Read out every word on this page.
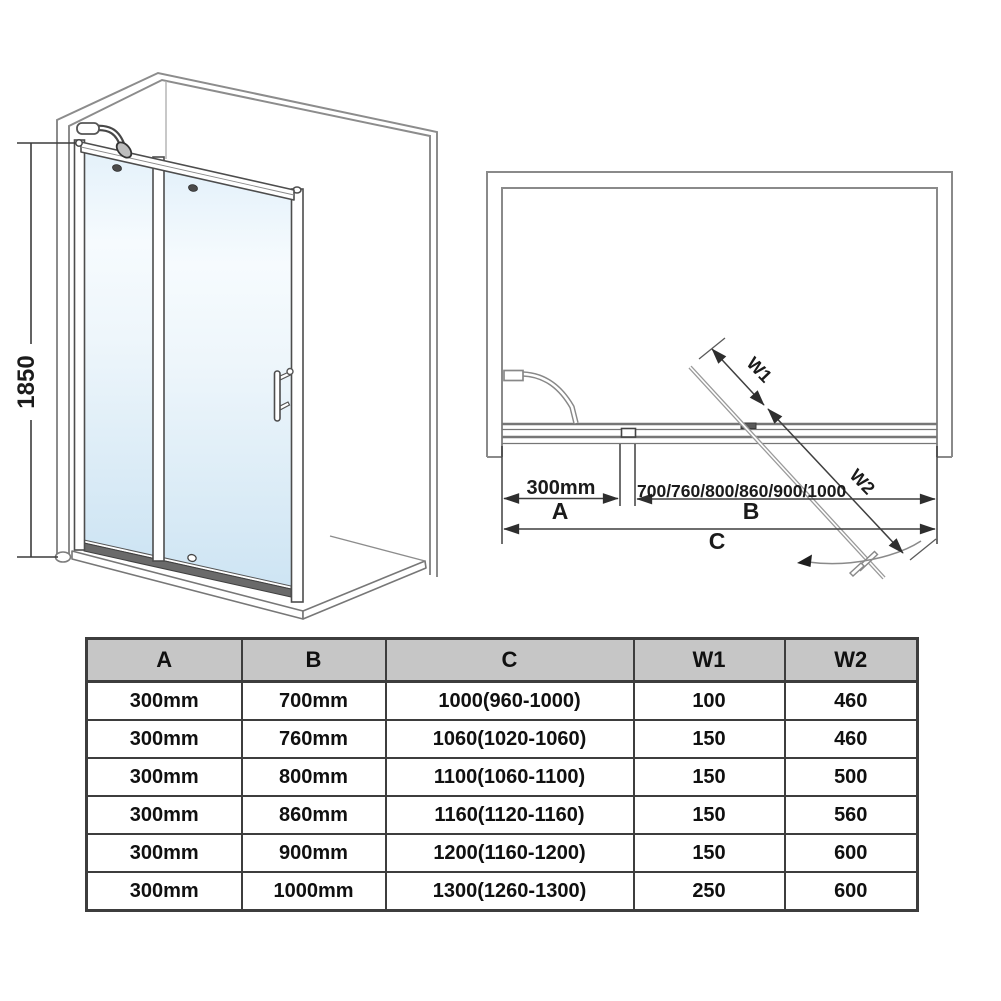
1850
300mm
A
700/760/800/860/900/1000
B
C
W1
W2
A	B	C	W1	W2
300mm	700mm	1000(960-1000)	100	460
300mm	760mm	1060(1020-1060)	150	460
300mm	800mm	1100(1060-1100)	150	500
300mm	860mm	1160(1120-1160)	150	560
300mm	900mm	1200(1160-1200)	150	600
300mm	1000mm	1300(1260-1300)	250	600
